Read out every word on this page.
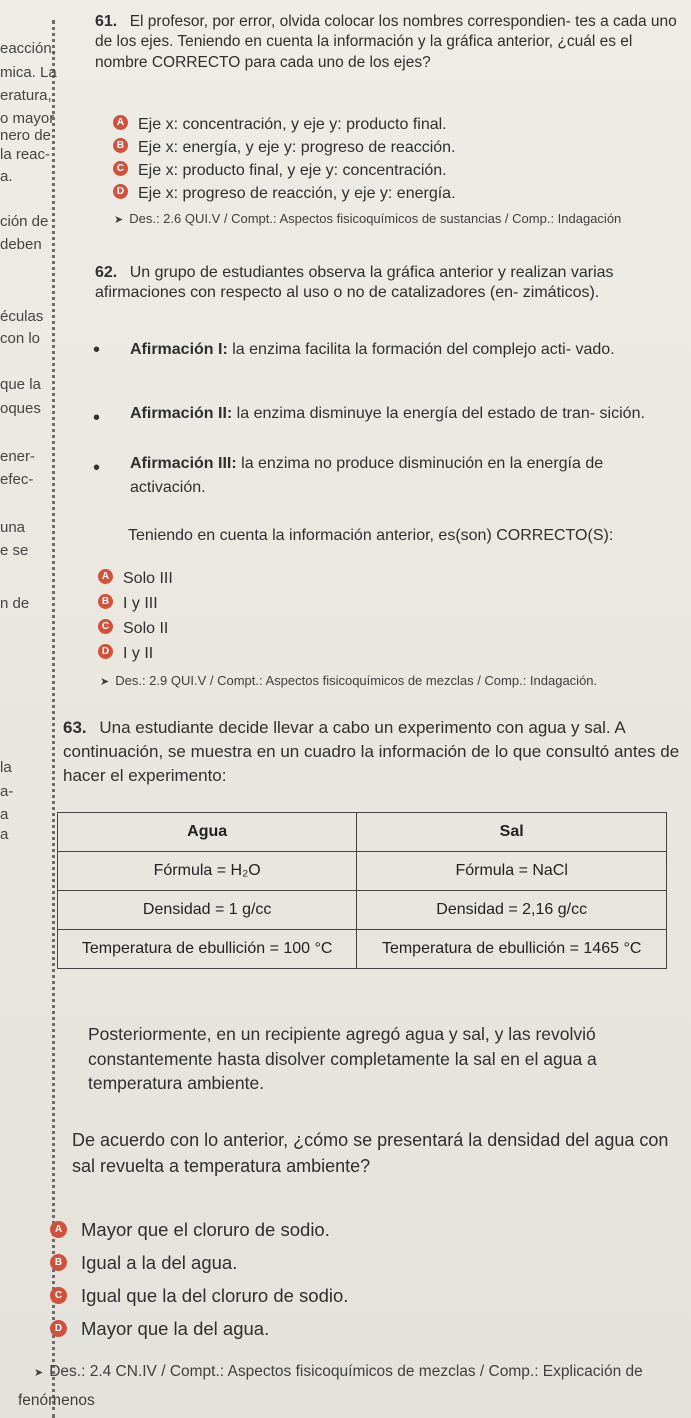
eacción,
mica. La
eratura,
o mayor
nero de
la reac-
a.
ción de
deben
éculas
con lo
que la
oques
ener-
efec-
una
e se
n de
la
a-
a
a
61. El profesor, por error, olvida colocar los nombres correspondien- tes a cada uno de los ejes. Teniendo en cuenta la información y la gráfica anterior, ¿cuál es el nombre CORRECTO para cada uno de los ejes?
A Eje x: concentración, y eje y: producto final.
B Eje x: energía, y eje y: progreso de reacción.
C Eje x: producto final, y eje y: concentración.
D Eje x: progreso de reacción, y eje y: energía.
➤ Des.: 2.6 QUI.V / Compt.: Aspectos fisicoquímicos de sustancias / Comp.: Indagación
62. Un grupo de estudiantes observa la gráfica anterior y realizan varias afirmaciones con respecto al uso o no de catalizadores (en- zimáticos).
• Afirmación I: la enzima facilita la formación del complejo acti- vado.
• Afirmación II: la enzima disminuye la energía del estado de tran- sición.
• Afirmación III: la enzima no produce disminución en la energía de activación.
Teniendo en cuenta la información anterior, es(son) CORRECTO(S):
A Solo III
B I y III
C Solo II
D I y II
➤ Des.: 2.9 QUI.V / Compt.: Aspectos fisicoquímicos de mezclas / Comp.: Indagación.
63. Una estudiante decide llevar a cabo un experimento con agua y sal. A continuación, se muestra en un cuadro la información de lo que consultó antes de hacer el experimento:
Agua	Sal
Fórmula = H₂O	Fórmula = NaCl
Densidad = 1 g/cc	Densidad = 2,16 g/cc
Temperatura de ebullición = 100 °C	Temperatura de ebullición = 1465 °C
Posteriormente, en un recipiente agregó agua y sal, y las revolvió constantemente hasta disolver completamente la sal en el agua a temperatura ambiente.
De acuerdo con lo anterior, ¿cómo se presentará la densidad del agua con sal revuelta a temperatura ambiente?
A Mayor que el cloruro de sodio.
B Igual a la del agua.
C Igual que la del cloruro de sodio.
D Mayor que la del agua.
➤ Des.: 2.4 CN.IV / Compt.: Aspectos fisicoquímicos de mezclas / Comp.: Explicación de
fenómenos
